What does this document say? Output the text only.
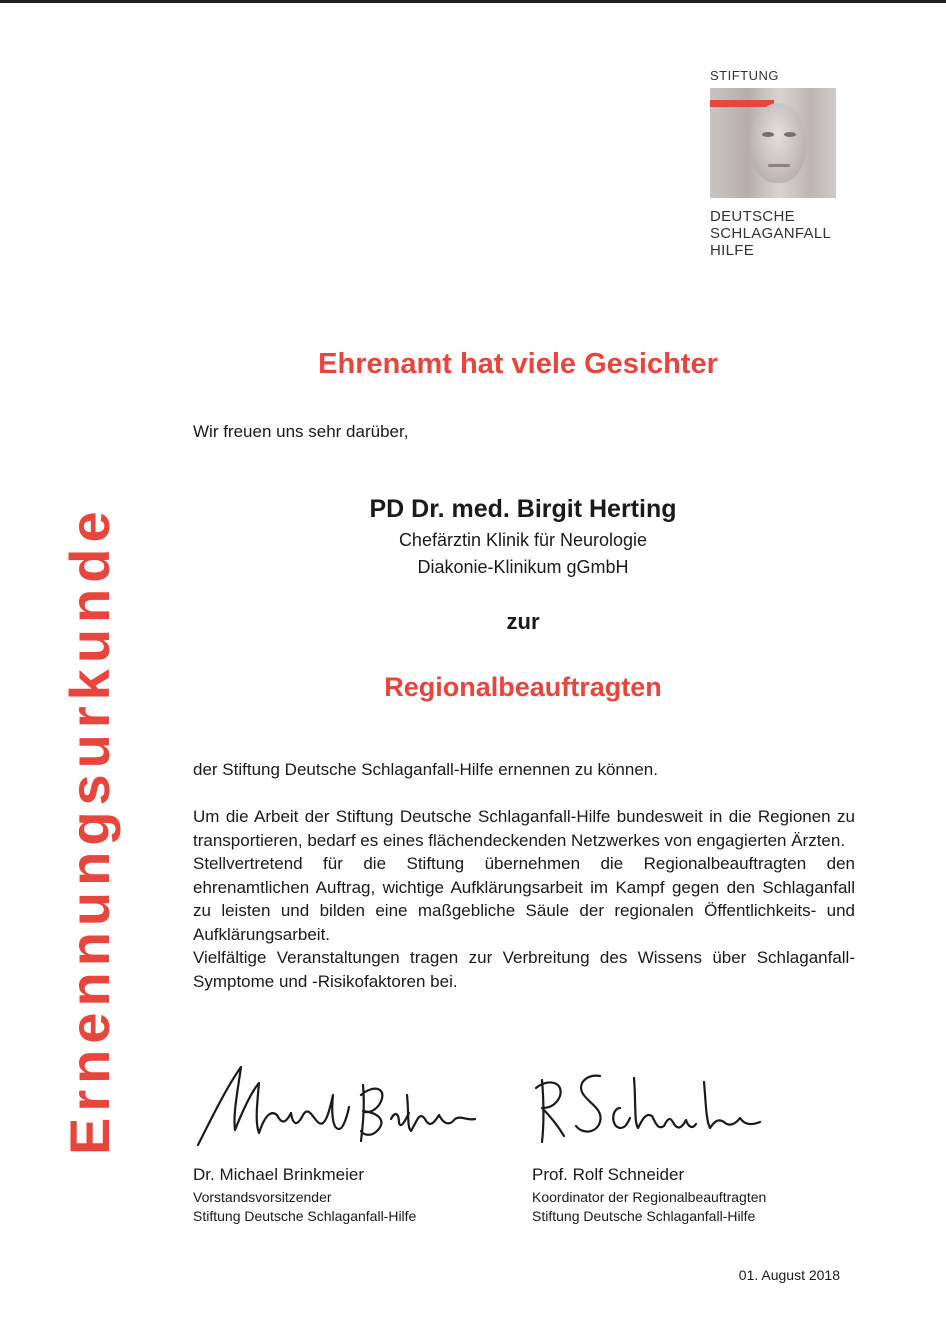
STIFTUNG
DEUTSCHE
SCHLAGANFALL
HILFE
Ernennungsurkunde
Ehrenamt hat viele Gesichter
Wir freuen uns sehr darüber,
PD Dr. med. Birgit Herting
Chefärztin Klinik für Neurologie
Diakonie-Klinikum gGmbH
zur
Regionalbeauftragten
der Stiftung Deutsche Schlaganfall-Hilfe ernennen zu können.

Um die Arbeit der Stiftung Deutsche Schlaganfall-Hilfe bundesweit in die Regionen zu transportieren, bedarf es eines flächendeckenden Netzwerkes von engagierten Ärzten.

Stellvertretend für die Stiftung übernehmen die Regionalbeauftragten den ehrenamtlichen Auftrag, wichtige Aufklärungsarbeit im Kampf gegen den Schlaganfall zu leisten und bilden eine maßgebliche Säule der regionalen Öffentlichkeits- und Aufklärungsarbeit.

Vielfältige Veranstaltungen tragen zur Verbreitung des Wissens über Schlaganfall-Symptome und -Risikofaktoren bei.

Dr. Michael Brinkmeier
Vorstandsvorsitzender
Stiftung Deutsche Schlaganfall-Hilfe
Prof. Rolf Schneider
Koordinator der Regionalbeauftragten
Stiftung Deutsche Schlaganfall-Hilfe
01. August 2018
